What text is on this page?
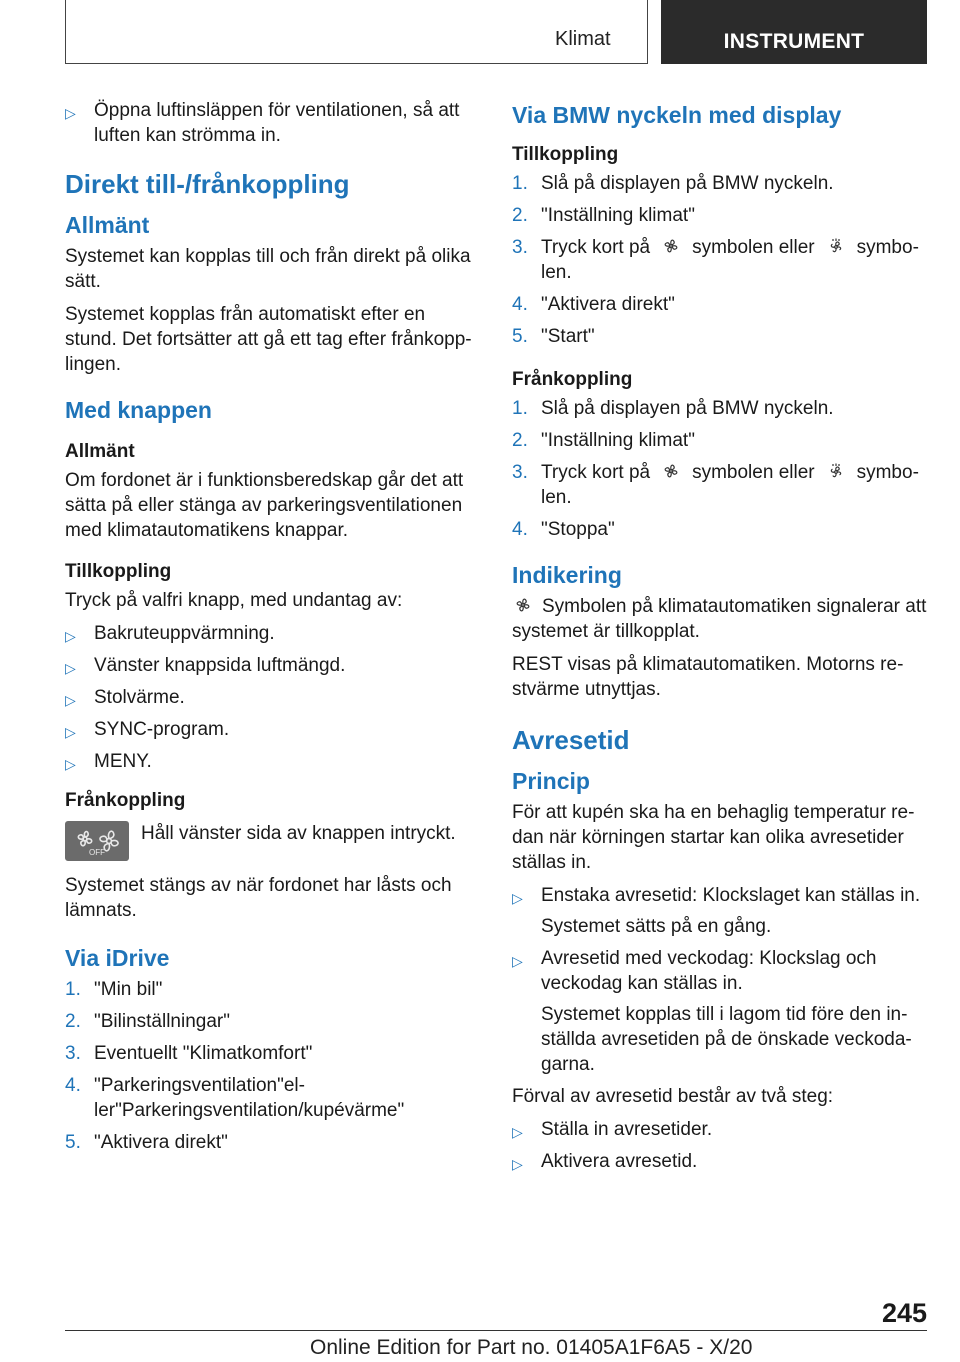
Klimat	INSTRUMENT
▷ Öppna luftinsläppen för ventilationen, så att luften kan strömma in.
Direkt till-/frånkoppling
Allmänt

Systemet kan kopplas till och från direkt på olika sätt.

Systemet kopplas från automatiskt efter en stund. Det fortsätter att gå ett tag efter frånkopplingen.

Med knappen
Allmänt

Om fordonet är i funktionsberedskap går det att sätta på eller stänga av parkeringsventilationen med klimatautomatikens knappar.

Tillkoppling

Tryck på valfri knapp, med undantag av:

▷ Bakruteuppvärmning.
▷ Vänster knappsida luftmängd.
▷ Stolvärme.
▷ SYNC-program.
▷ MENY.
Frånkoppling
OFF

Håll vänster sida av knappen intryckt.

Systemet stängs av när fordonet har låsts och lämnats.

Via iDrive
1. "Min bil"
2. "Bilinställningar"
3. Eventuellt "Klimatkomfort"
4. "Parkeringsventilation"eller"Parkeringsventilation/kupévärme"
5. "Aktivera direkt"
Via BMW nyckeln med display
Tillkoppling
1. Slå på displayen på BMW nyckeln.
2. "Inställning klimat"
3. Tryck kort på symbolen eller symbolen.
4. "Aktivera direkt"
5. "Start"
Frånkoppling
1. Slå på displayen på BMW nyckeln.
2. "Inställning klimat"
3. Tryck kort på symbolen eller symbolen.
4. "Stoppa"
Indikering

Symbolen på klimatautomatiken signalerar att systemet är tillkopplat.

REST visas på klimatautomatiken. Motorns restvärme utnyttjas.

Avresetid
Princip

För att kupén ska ha en behaglig temperatur redan när körningen startar kan olika avresetider ställas in.

▷ Enstaka avresetid: Klockslaget kan ställas in.
Systemet sätts på en gång.
▷ Avresetid med veckodag: Klockslag och veckodag kan ställas in.
Systemet kopplas till i lagom tid före den inställda avresetiden på de önskade veckodagarna.

Förval av avresetid består av två steg:

▷ Ställa in avresetider.
▷ Aktivera avresetid.
245
Online Edition for Part no. 01405A1F6A5 - X/20
